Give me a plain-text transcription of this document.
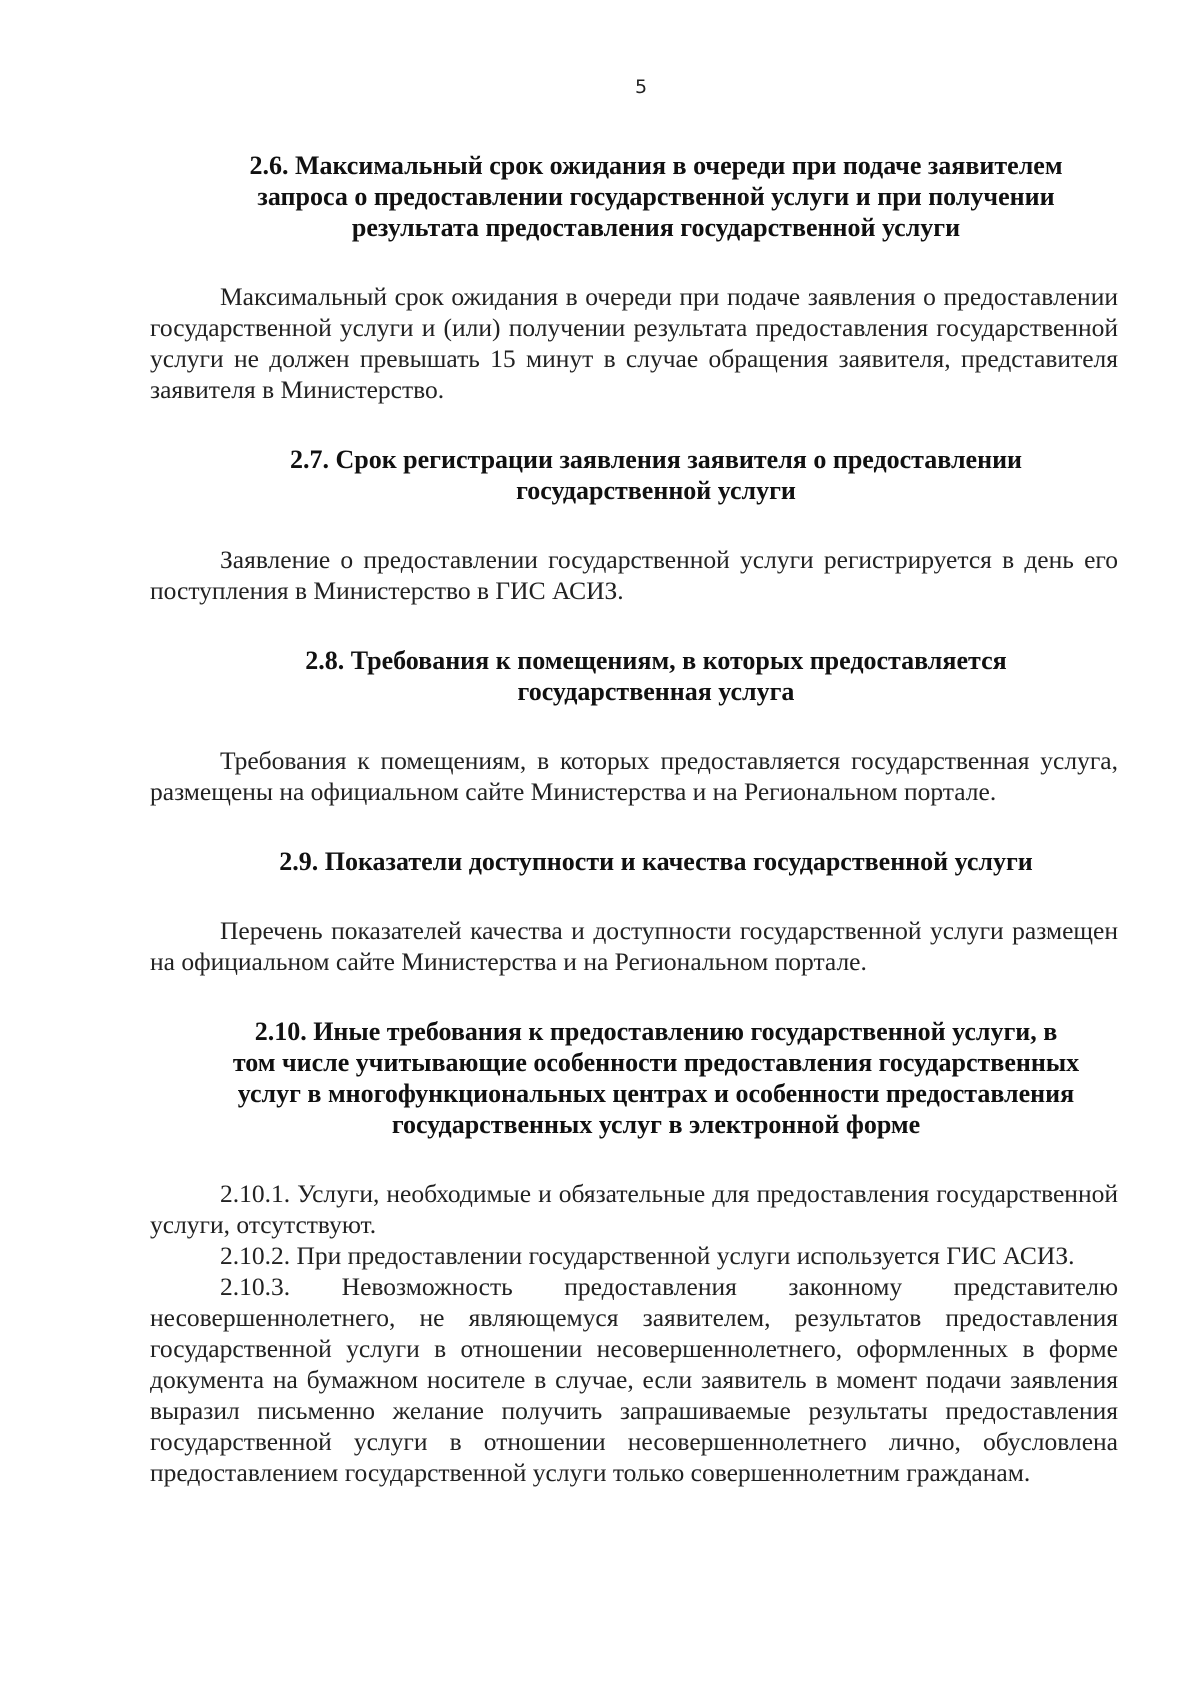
5
2.6. Максимальный срок ожидания в очереди при подаче заявителем
запроса о предоставлении государственной услуги и при получении
результата предоставления государственной услуги

Максимальный срок ожидания в очереди при подаче заявления о предоставлении государственной услуги и (или) получении результата предоставления государственной услуги не должен превышать 15 минут в случае обращения заявителя, представителя заявителя в Министерство.

2.7. Срок регистрации заявления заявителя о предоставлении
государственной услуги

Заявление о предоставлении государственной услуги регистрируется в день его поступления в Министерство в ГИС АСИЗ.

2.8. Требования к помещениям, в которых предоставляется
государственная услуга

Требования к помещениям, в которых предоставляется государственная услуга, размещены на официальном сайте Министерства и на Региональном портале.

2.9. Показатели доступности и качества государственной услуги

Перечень показателей качества и доступности государственной услуги размещен на официальном сайте Министерства и на Региональном портале.

2.10. Иные требования к предоставлению государственной услуги, в
том числе учитывающие особенности предоставления государственных
услуг в многофункциональных центрах и особенности предоставления
государственных услуг в электронной форме

2.10.1. Услуги, необходимые и обязательные для предоставления государственной услуги, отсутствуют.

2.10.2. При предоставлении государственной услуги используется ГИС АСИЗ.

2.10.3. Невозможность предоставления законному представителю несовершеннолетнего, не являющемуся заявителем, результатов предоставления государственной услуги в отношении несовершеннолетнего, оформленных в форме документа на бумажном носителе в случае, если заявитель в момент подачи заявления выразил письменно желание получить запрашиваемые результаты предоставления государственной услуги в отношении несовершеннолетнего лично, обусловлена предоставлением государственной услуги только совершеннолетним гражданам.
